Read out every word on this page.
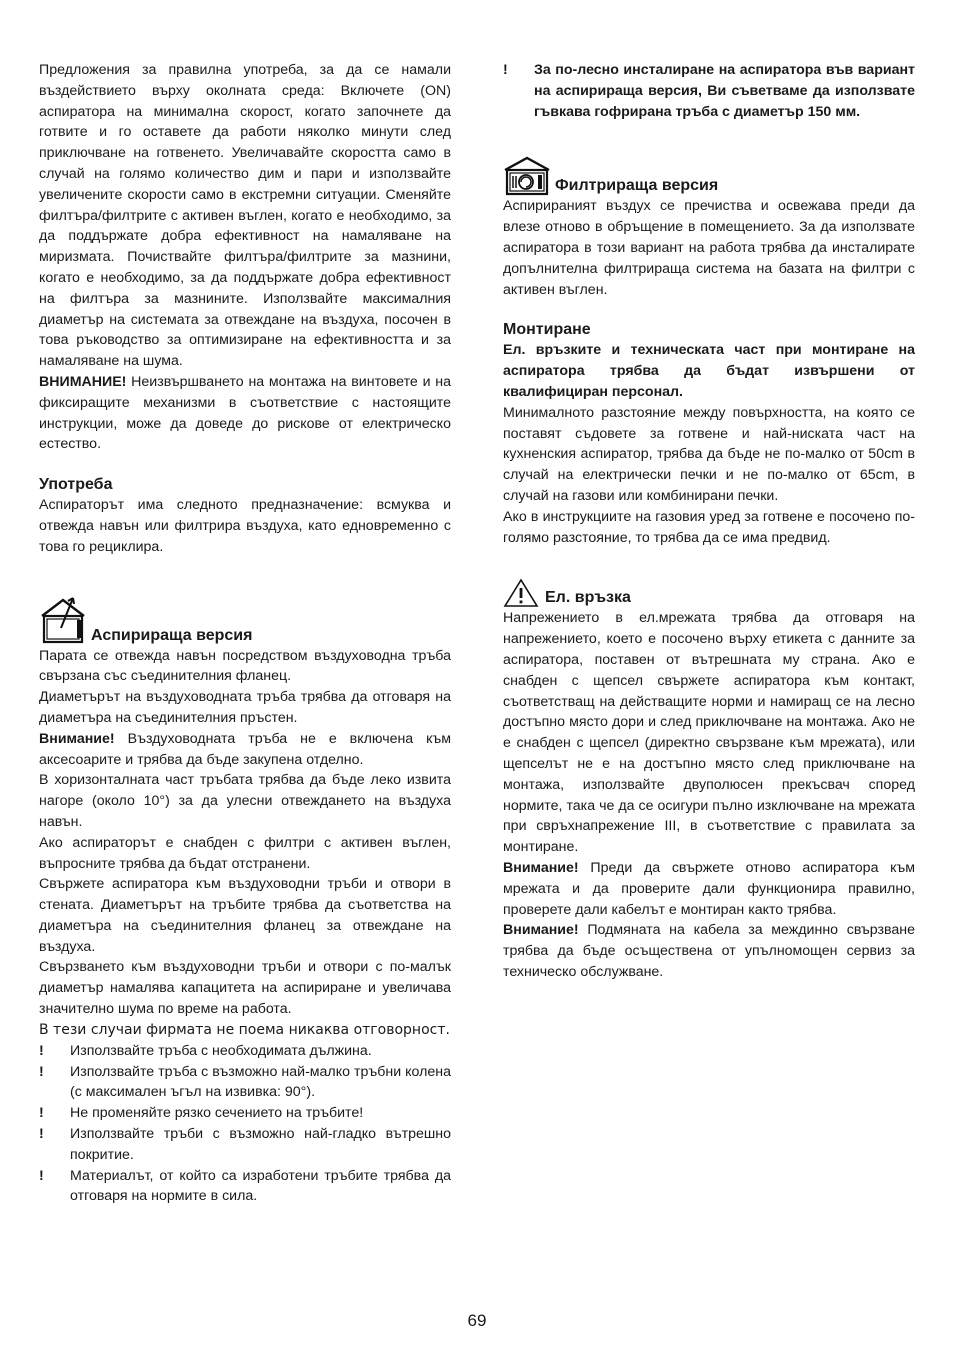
Предложения за правилна употреба, за да се намали въздействието върху околната среда: Включете (ON) аспиратора на минимална скорост, когато започнете да готвите и го оставете да работи няколко минути след приключване на готвенето. Увеличавайте скоростта само в случай на голямо количество дим и пари и използвайте увеличените скорости само в екстремни ситуации. Сменяйте филтъра/филтрите с активен въглен, когато е необходимо, за да поддържате добра ефективност на намаляване на миризмата. Почиствайте филтъра/филтрите за мазнини, когато е необходимо, за да поддържате добра ефективност на филтъра за мазнините. Използвайте максималния диаметър на системата за отвеждане на въздуха, посочен в това ръководство за оптимизиране на ефективността и за намаляване на шума.

ВНИМАНИЕ! Неизвършването на монтажа на винтовете и на фиксиращите механизми в съответствие с настоящите инструкции, може да доведе до рискове от електрическо естество.

Употреба

Аспираторът има следното предназначение: всмуква и отвежда навън или филтрира въздуха, като едновременно с това го рециклира.

Аспирираща версия

Парата се отвежда навън посредством въздуховодна тръба свързана със съединителния фланец.

Диаметърът на въздуховодната тръба трябва да отговаря на диаметъра на съединителния пръстен.

Внимание! Въздуховодната тръба не е включена към аксесоарите и трябва да бъде закупена отделно.

В хоризонталната част тръбата трябва да бъде леко извита нагоре (около 10°) за да улесни отвеждането на въздуха навън.

Ако аспираторът е снабден с филтри с активен въглен, въпросните трябва да бъдат отстранени.

Свържете аспиратора към въздуховодни тръби и отвори в стената. Диаметърът на тръбите трябва да съответства на диаметъра на съединителния фланец за отвеждане на въздуха.

Свързването към въздуховодни тръби и отвори с по-малък диаметър намалява капацитета на аспириране и увеличава значително шума по време на работа.

В тези случаи фирмата не поема никаква отговорност.

!	Използвайте тръба с необходимата дължина.
!	Използвайте тръба с възможно най-малко тръбни колена (с максимален ъгъл на извивка: 90°).
!	Не променяйте рязко сечението на тръбите!
!	Използвайте тръби с възможно най-гладко вътрешно покритие.
!	Материалът, от който са изработени тръбите трябва да отговаря на нормите в сила.
!	За по-лесно инсталиране на аспиратора във вариант на аспирираща версия, Ви съветваме да използвате гъвкава гофрирана тръба с диаметър 150 мм.
Филтрираща версия

Аспирираният въздух се пречиства и освежава преди да влезе отново в обръщение в помещението. За да използвате аспиратора в този вариант на работа трябва да инсталирате допълнителна филтрираща система на базата на филтри с активен въглен.

Монтиране

Ел. връзките и техническата част при монтиране на аспиратора трябва да бъдат извършени от квалифициран персонал.

Минималното разстояние между повърхността, на която се поставят съдовете за готвене и най-ниската част на кухненския аспиратор, трябва да бъде не по-малко от 50cm в случай на електрически печки и не по-малко от 65cm, в случай на газови или комбинирани печки.

Ако в инструкциите на газовия уред за готвене е посочено по-голямо разстояние, то трябва да се има предвид.

Ел. връзка

Напрежението в ел.мрежата трябва да отговаря на напрежението, което е посочено върху етикета с данните за аспиратора, поставен от вътрешната му страна. Ако е снабден с щепсел свържете аспиратора към контакт, съответстващ на действащите норми и намиращ се на лесно достъпно място дори и след приключване на монтажа. Ако не е снабден с щепсел (директно свързване към мрежата), или щепселът не е на достъпно място след приключване на монтажа, използвайте двуполюсен прекъсвач според нормите, така че да се осигури пълно изключване на мрежата при свръхнапрежение III, в съответствие с правилата за монтиране.

Внимание! Преди да свържете отново аспиратора към мрежата и да проверите дали функционира правилно, проверете дали кабелът е монтиран както трябва.

Внимание! Подмяната на кабела за междинно свързване трябва да бъде осъществена от упълномощен сервиз за техническо обслужване.

69
